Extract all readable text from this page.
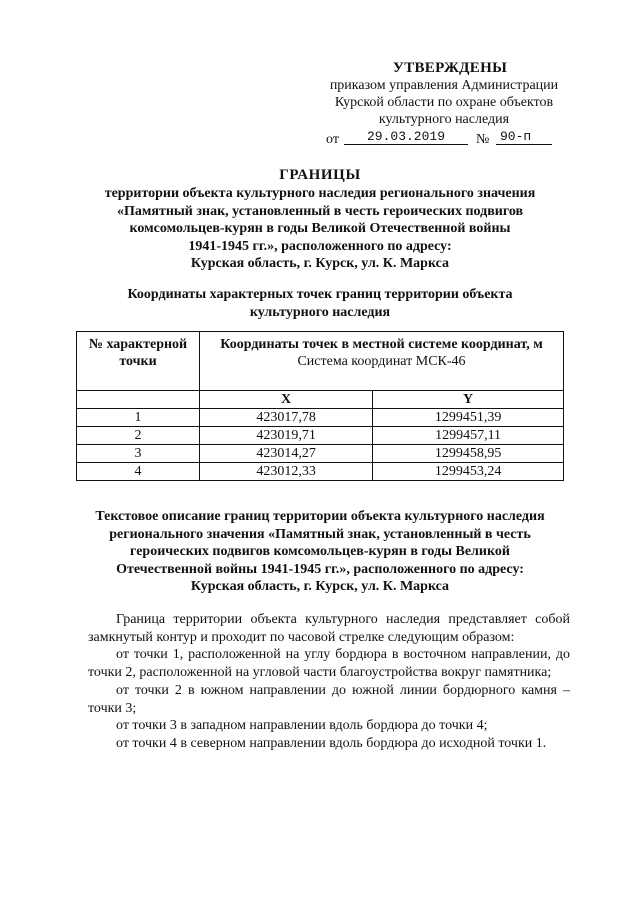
УТВЕРЖДЕНЫ
приказом управления Администрации
Курской области по охране объектов
культурного наследия
от	29.03.2019	№ 90-п
ГРАНИЦЫ
территории объекта культурного наследия регионального значения
«Памятный знак, установленный в честь героических подвигов
комсомольцев-курян в годы Великой Отечественной войны
1941-1945 гг.», расположенного по адресу:
Курская область, г. Курск, ул. К. Маркса
Координаты характерных точек границ территории объекта
культурного наследия
№ характерной точки	Координаты точек в местной системе координат, м
Система координат МСК-46	

	X	Y
1	423017,78	1299451,39
2	423019,71	1299457,11
3	423014,27	1299458,95
4	423012,33	1299453,24
Текстовое описание границ территории объекта культурного наследия
регионального значения «Памятный знак, установленный в честь
героических подвигов комсомольцев-курян в годы Великой
Отечественной войны 1941-1945 гг.», расположенного по адресу:
Курская область, г. Курск, ул. К. Маркса

Граница территории объекта культурного наследия представляет собой замкнутый контур и проходит по часовой стрелке следующим образом:

от точки 1, расположенной на углу бордюра в восточном направлении, до точки 2, расположенной на угловой части благоустройства вокруг памятника;

от точки 2 в южном направлении до южной линии бордюрного камня – точки 3;

от точки 3 в западном направлении вдоль бордюра до точки 4;

от точки 4 в северном направлении вдоль бордюра до исходной точки 1.
